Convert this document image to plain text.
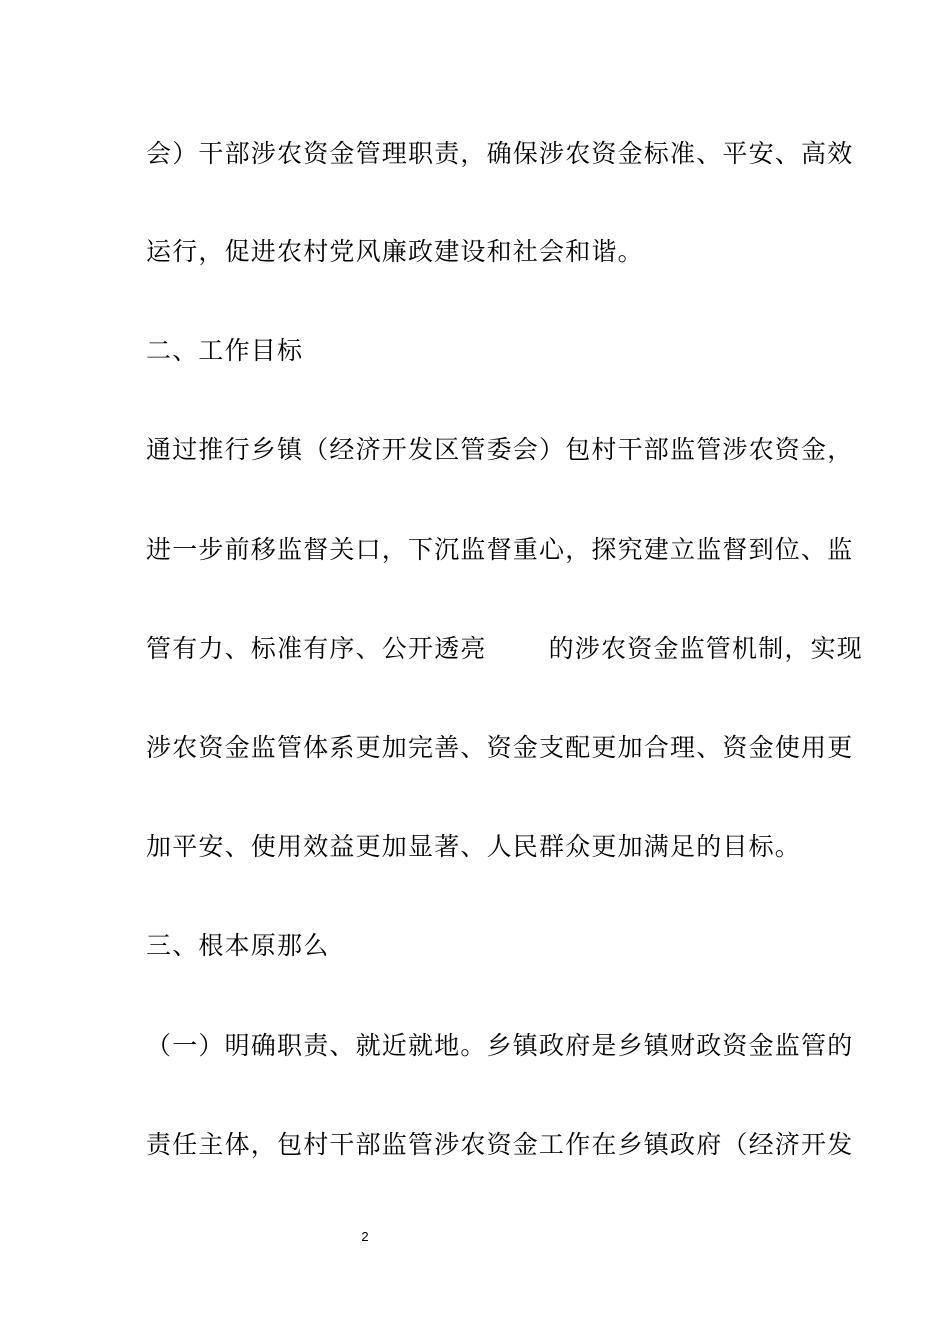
会）干部涉农资金管理职责，确保涉农资金标准、平安、高效
运行，促进农村党风廉政建设和社会和谐。
二、工作目标
通过推行乡镇（经济开发区管委会）包村干部监管涉农资金，
进一步前移监督关口，下沉监督重心，探究建立监督到位、监
管有力、标准有序、公开透亮 的涉农资金监管机制，实现
涉农资金监管体系更加完善、资金支配更加合理、资金使用更
加平安、使用效益更加显著、人民群众更加满足的目标。
三、根本原那么
（一）明确职责、就近就地。乡镇政府是乡镇财政资金监管的
责任主体，包村干部监管涉农资金工作在乡镇政府（经济开发
2
